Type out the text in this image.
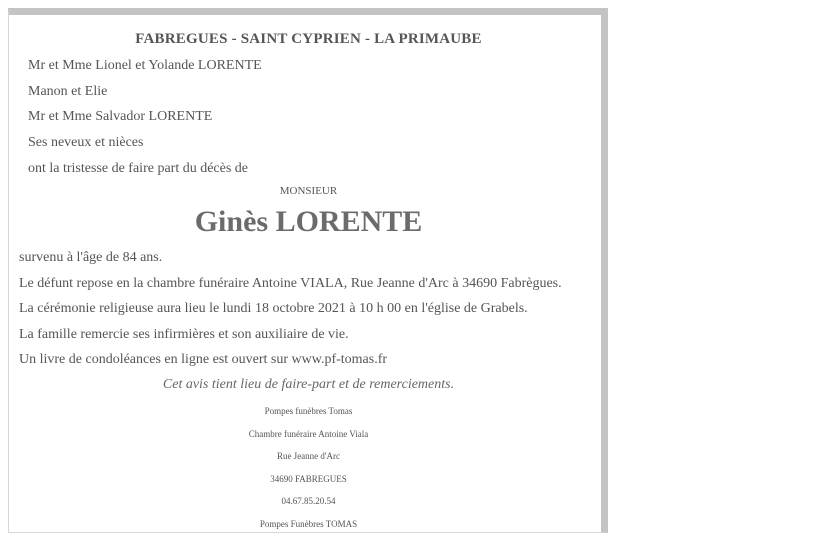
FABREGUES - SAINT CYPRIEN - LA PRIMAUBE
Mr et Mme Lionel et Yolande LORENTE
Manon et Elie
Mr et Mme Salvador LORENTE
Ses neveux et nièces
ont la tristesse de faire part du décès de
MONSIEUR
Ginès LORENTE
survenu à l'âge de 84 ans.
Le défunt repose en la chambre funéraire Antoine VIALA, Rue Jeanne d'Arc à 34690 Fabrègues.
La cérémonie religieuse aura lieu le lundi 18 octobre 2021 à 10 h 00 en l'église de Grabels.
La famille remercie ses infirmières et son auxiliaire de vie.
Un livre de condoléances en ligne est ouvert sur www.pf-tomas.fr
Cet avis tient lieu de faire-part et de remerciements.
Pompes funèbres Tomas
Chambre funéraire Antoine Viala
Rue Jeanne d'Arc
34690 FABREGUES
04.67.85.20.54
Pompes Funèbres TOMAS
